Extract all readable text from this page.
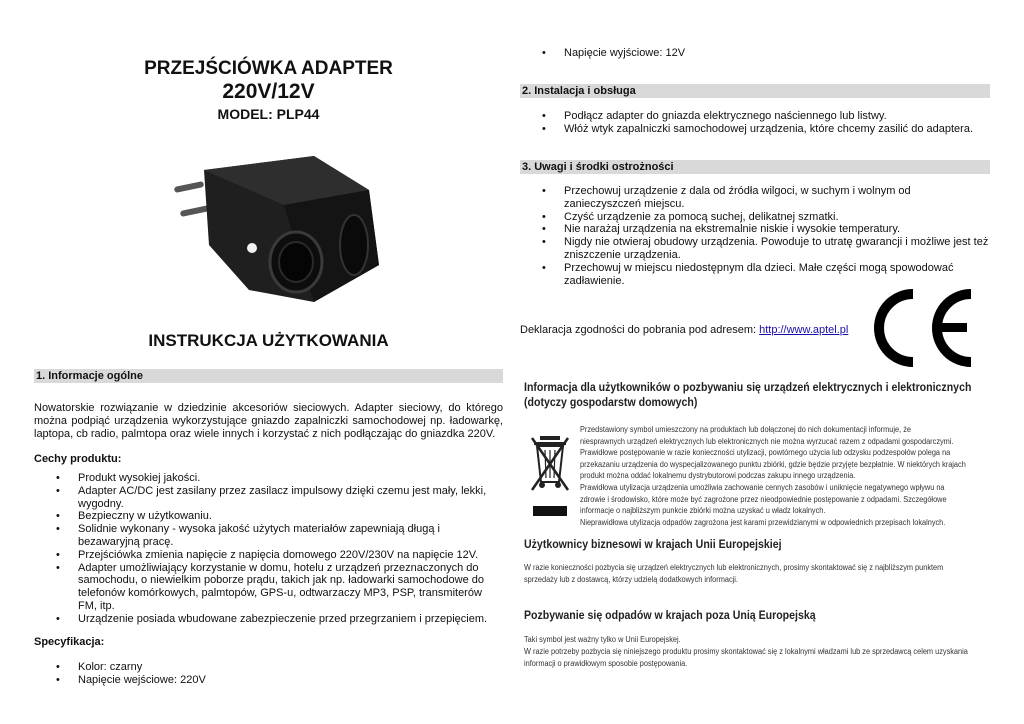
PRZEJŚCIÓWKA ADAPTER
220V/12V
MODEL: PLP44
INSTRUKCJA UŻYTKOWANIA
1. Informacje ogólne
Nowatorskie rozwiązanie w dziedzinie akcesoriów sieciowych. Adapter sieciowy, do którego można podpiąć urządzenia wykorzystujące gniazdo zapalniczki samochodowej np. ładowarkę, laptopa, cb radio, palmtopa oraz wiele innych i korzystać z nich podłączając do gniazdka 220V.
Cechy produktu:
• Produkt wysokiej jakości.
• Adapter AC/DC jest zasilany przez zasilacz impulsowy dzięki czemu jest mały, lekki, wygodny.
• Bezpieczny w użytkowaniu.
• Solidnie wykonany - wysoka jakość użytych materiałów zapewniają długą i bezawaryjną pracę.
• Przejściówka zmienia napięcie z napięcia domowego 220V/230V na napięcie 12V.
• Adapter umożliwiający korzystanie w domu, hotelu z urządzeń przeznaczonych do samochodu, o niewielkim poborze prądu, takich jak np. ładowarki samochodowe do telefonów komórkowych, palmtopów, GPS-u, odtwarzaczy MP3, PSP, transmiterów FM, itp.
• Urządzenie posiada wbudowane zabezpieczenie przed przegrzaniem i przepięciem.
Specyfikacja:
• Kolor: czarny
• Napięcie wejściowe: 220V
• Napięcie wyjściowe: 12V
2. Instalacja i obsługa
• Podłącz adapter do gniazda elektrycznego naściennego lub listwy.
• Włóż wtyk zapalniczki samochodowej urządzenia, które chcemy zasilić do adaptera.
3. Uwagi i środki ostrożności
• Przechowuj urządzenie z dala od źródła wilgoci, w suchym i wolnym od zanieczyszczeń miejscu.
• Czyść urządzenie za pomocą suchej, delikatnej szmatki.
• Nie narażaj urządzenia na ekstremalnie niskie i wysokie temperatury.
• Nigdy nie otwieraj obudowy urządzenia. Powoduje to utratę gwarancji i możliwe jest też zniszczenie urządzenia.
• Przechowuj w miejscu niedostępnym dla dzieci. Małe części mogą spowodować zadławienie.
Deklaracja zgodności do pobrania pod adresem: http://www.aptel.pl
Informacja dla użytkowników o pozbywaniu się urządzeń elektrycznych i elektronicznych
(dotyczy gospodarstw domowych)
Przedstawiony symbol umieszczony na produktach lub dołączonej do nich dokumentacji informuje, że
niesprawnych urządzeń elektrycznych lub elektronicznych nie można wyrzucać razem z odpadami gospodarczymi.
Prawidłowe postępowanie w razie konieczności utylizacji, powtórnego użycia lub odzysku podzespołów polega na
przekazaniu urządzenia do wyspecjalizowanego punktu zbiórki, gdzie będzie przyjęte bezpłatnie. W niektórych krajach
produkt można oddać lokalnemu dystrybutorowi podczas zakupu innego urządzenia.
Prawidłowa utylizacja urządzenia umożliwia zachowanie cennych zasobów i uniknięcie negatywnego wpływu na
zdrowie i środowisko, które może być zagrożone przez nieodpowiednie postępowanie z odpadami. Szczegółowe
informacje o najbliższym punkcie zbiórki można uzyskać u władz lokalnych.
Nieprawidłowa utylizacja odpadów zagrożona jest karami przewidzianymi w odpowiednich przepisach lokalnych.
Użytkownicy biznesowi w krajach Unii Europejskiej
W razie konieczności pozbycia się urządzeń elektrycznych lub elektronicznych, prosimy skontaktować się z najbliższym punktem
sprzedaży lub z dostawcą, którzy udzielą dodatkowych informacji.
Pozbywanie się odpadów w krajach poza Unią Europejską
Taki symbol jest ważny tylko w Unii Europejskej.
W razie potrzeby pozbycia się niniejszego produktu prosimy skontaktować się z lokalnymi władzami lub ze sprzedawcą celem uzyskania
informacji o prawidłowym sposobie postępowania.
